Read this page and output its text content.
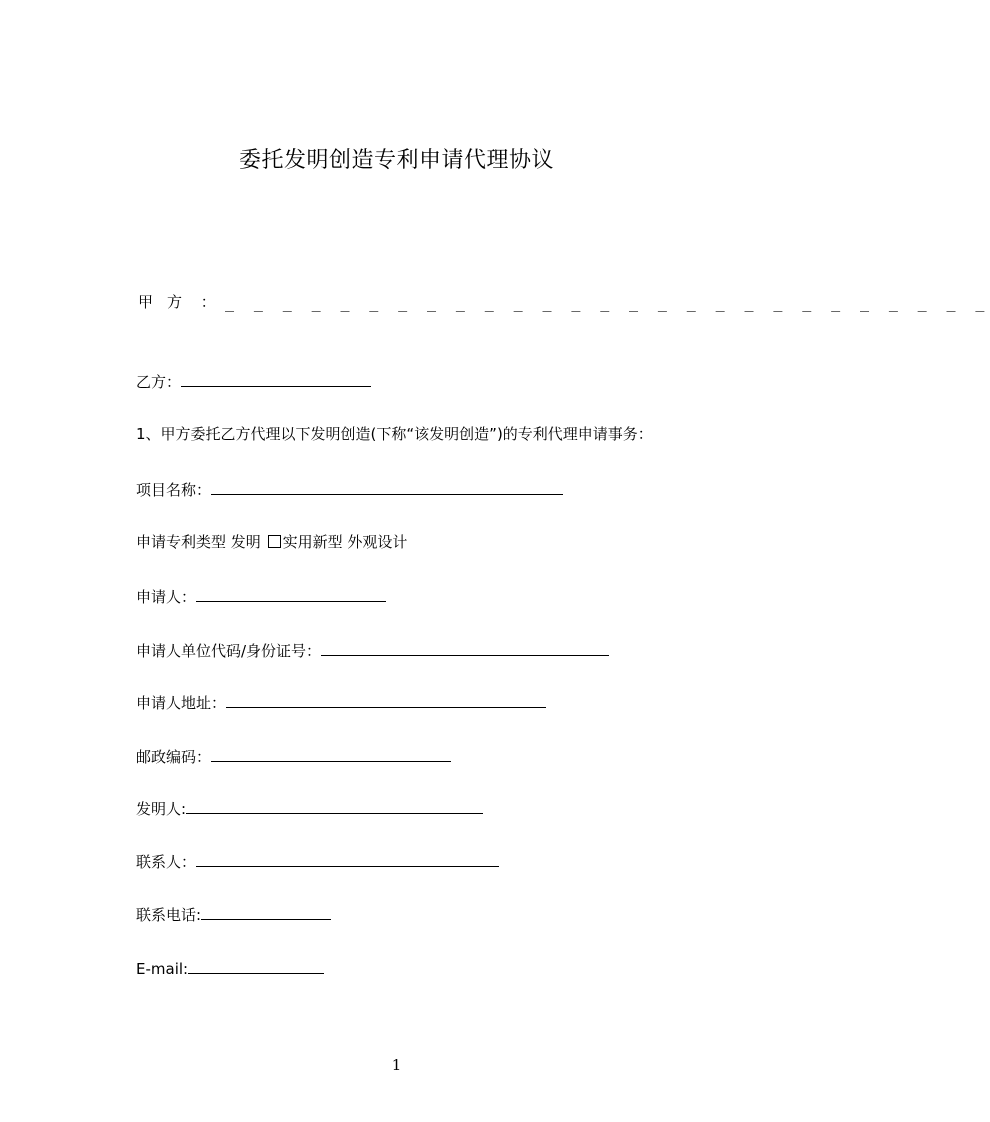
委托发明创造专利申请代理协议
甲方 ： _ _ _ _ _ _ _ _ _ _ _ _ _ _ _ _ _ _ _ _ _ _ _ _ _ _ _
乙方：
1、甲方委托乙方代理以下发明创造(下称“该发明创造”)的专利代理申请事务：
项目名称：
申请专利类型 发明 实用新型 外观设计
申请人：
申请人单位代码/身份证号：
申请人地址：
邮政编码：
发明人:
联系人：
联系电话:
E-mail:
1
